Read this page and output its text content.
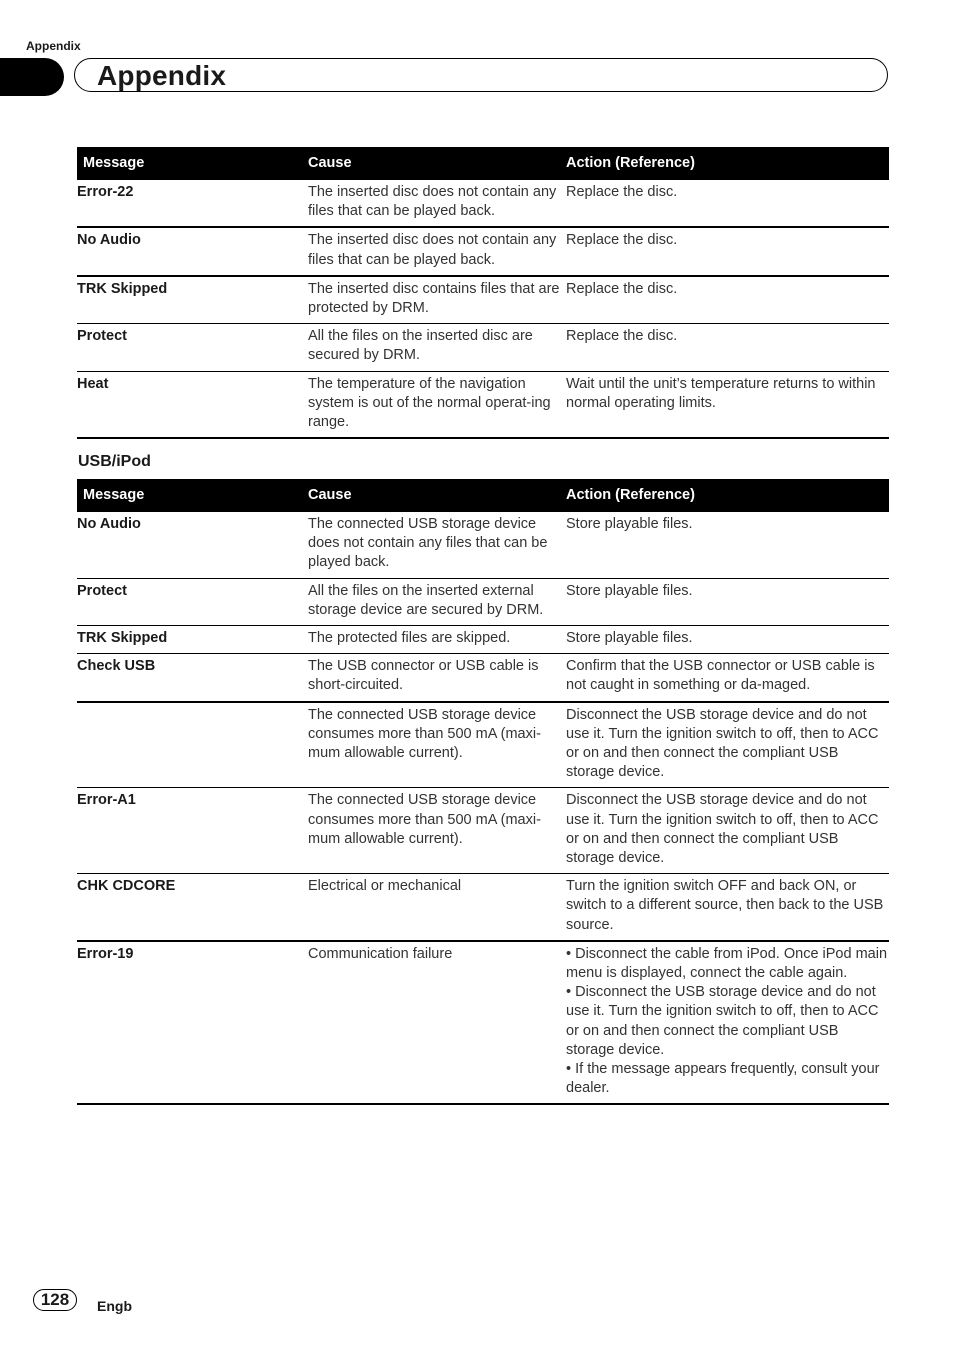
Appendix
Appendix
Message	Cause	Action (Reference)
Error-22	The inserted disc does not contain any files that can be played back.	Replace the disc.
No Audio	The inserted disc does not contain any files that can be played back.	Replace the disc.
TRK Skipped	The inserted disc contains files that are protected by DRM.	Replace the disc.
Protect	All the files on the inserted disc are secured by DRM.	Replace the disc.
Heat	The temperature of the navigation system is out of the normal operat-ing range.	Wait until the unit’s temperature returns to within normal operating limits.
USB/iPod
Message	Cause	Action (Reference)
No Audio	The connected USB storage device does not contain any files that can be played back.	Store playable files.
Protect	All the files on the inserted external storage device are secured by DRM.	Store playable files.
TRK Skipped	The protected files are skipped.	Store playable files.
Check USB	The USB connector or USB cable is short-circuited.	Confirm that the USB connector or USB cable is not caught in something or da-maged.
	The connected USB storage device consumes more than 500 mA (maxi-mum allowable current).	Disconnect the USB storage device and do not use it. Turn the ignition switch to off, then to ACC or on and then connect the compliant USB storage device.
Error-A1	The connected USB storage device consumes more than 500 mA (maxi-mum allowable current).	Disconnect the USB storage device and do not use it. Turn the ignition switch to off, then to ACC or on and then connect the compliant USB storage device.
CHK CDCORE	Electrical or mechanical	Turn the ignition switch OFF and back ON, or switch to a different source, then back to the USB source.
Error-19	Communication failure	• Disconnect the cable from iPod. Once iPod main menu is displayed, connect the cable again.
• Disconnect the USB storage device and do not use it. Turn the ignition switch to off, then to ACC or on and then connect the compliant USB storage device.
• If the message appears frequently, consult your dealer.
128	Engb
